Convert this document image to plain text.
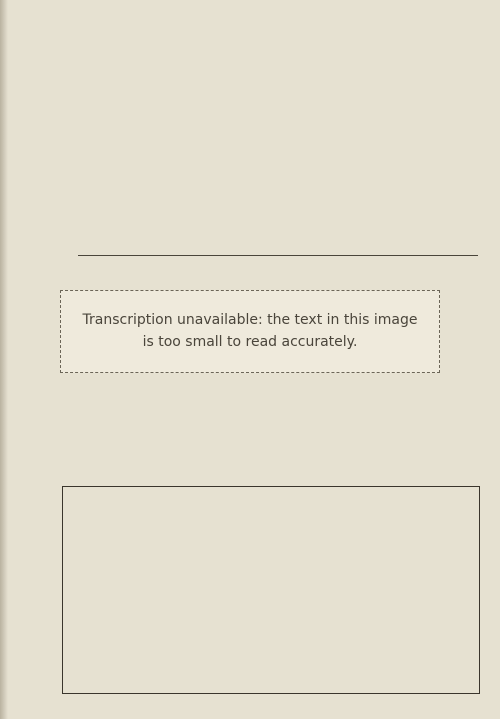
Transcription unavailable: the text in this image is too small to read accurately.
